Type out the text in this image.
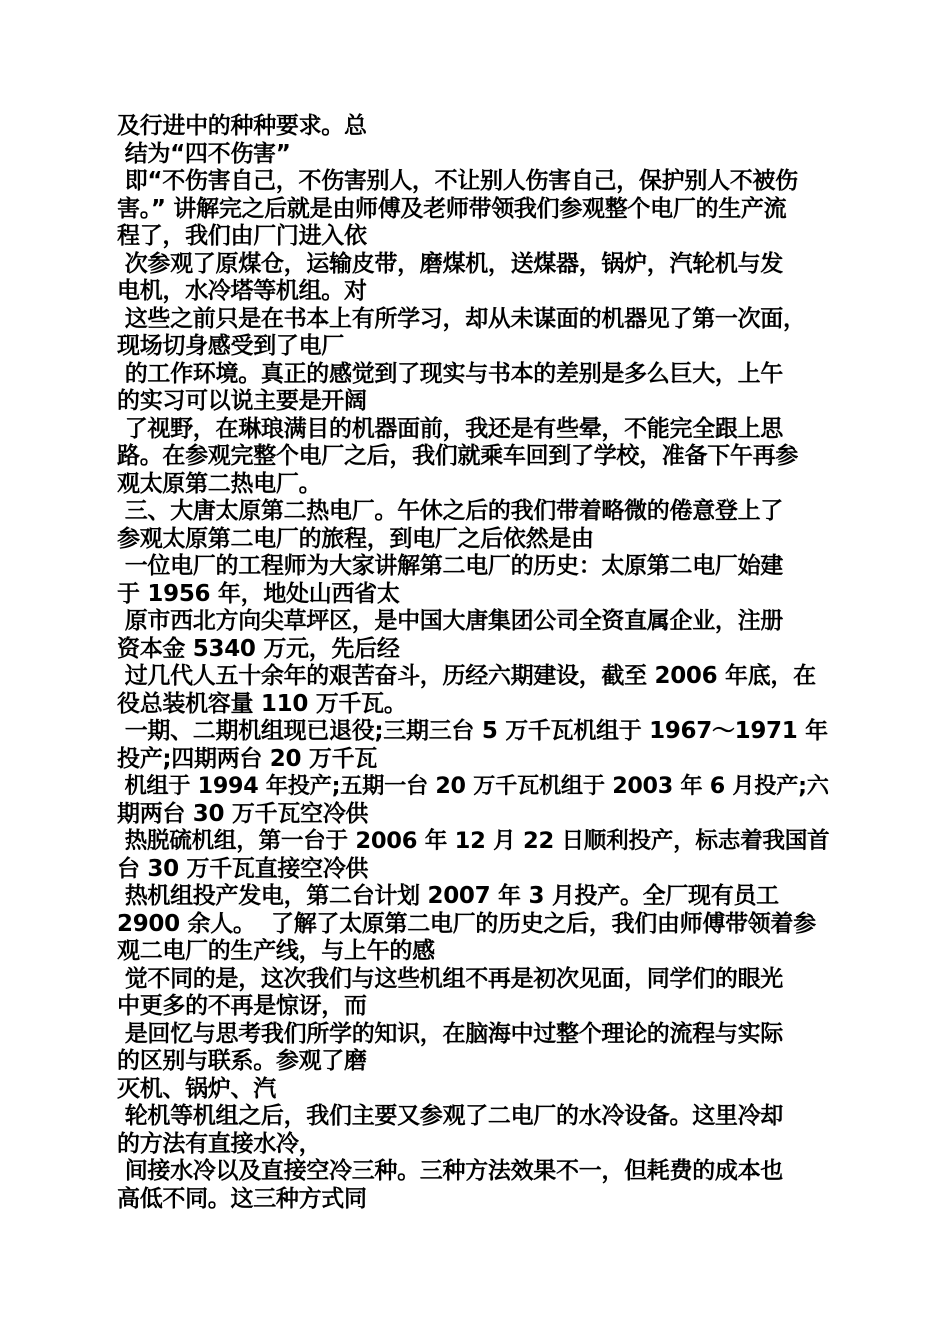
及行进中的种种要求。总
结为“四不伤害”
即“不伤害自己，不伤害别人，不让别人伤害自己，保护别人不被伤
害。” 讲解完之后就是由师傅及老师带领我们参观整个电厂的生产流
程了，我们由厂门进入依
次参观了原煤仓，运输皮带，磨煤机，送煤器，锅炉，汽轮机与发
电机，水冷塔等机组。对
这些之前只是在书本上有所学习，却从未谋面的机器见了第一次面，
现场切身感受到了电厂
的工作环境。真正的感觉到了现实与书本的差别是多么巨大，上午
的实习可以说主要是开阔
了视野，在琳琅满目的机器面前，我还是有些晕，不能完全跟上思
路。在参观完整个电厂之后，我们就乘车回到了学校，准备下午再参
观太原第二热电厂。
三、大唐太原第二热电厂。午休之后的我们带着略微的倦意登上了
参观太原第二电厂的旅程，到电厂之后依然是由
一位电厂的工程师为大家讲解第二电厂的历史：太原第二电厂始建
于 1956 年，地处山西省太
原市西北方向尖草坪区，是中国大唐集团公司全资直属企业，注册
资本金 5340 万元，先后经
过几代人五十余年的艰苦奋斗，历经六期建设，截至 2006 年底，在
役总装机容量 110 万千瓦。
一期、二期机组现已退役;三期三台 5 万千瓦机组于 1967～1971 年
投产;四期两台 20 万千瓦
机组于 1994 年投产;五期一台 20 万千瓦机组于 2003 年 6 月投产;六
期两台 30 万千瓦空冷供
热脱硫机组，第一台于 2006 年 12 月 22 日顺利投产，标志着我国首
台 30 万千瓦直接空冷供
热机组投产发电，第二台计划 2007 年 3 月投产。全厂现有员工
2900 余人。  了解了太原第二电厂的历史之后，我们由师傅带领着参
观二电厂的生产线，与上午的感
觉不同的是，这次我们与这些机组不再是初次见面，同学们的眼光
中更多的不再是惊讶，而
是回忆与思考我们所学的知识，在脑海中过整个理论的流程与实际
的区别与联系。参观了磨
灭机、锅炉、汽
轮机等机组之后，我们主要又参观了二电厂的水冷设备。这里冷却
的方法有直接水冷，
间接水冷以及直接空冷三种。三种方法效果不一，但耗费的成本也
高低不同。这三种方式同
